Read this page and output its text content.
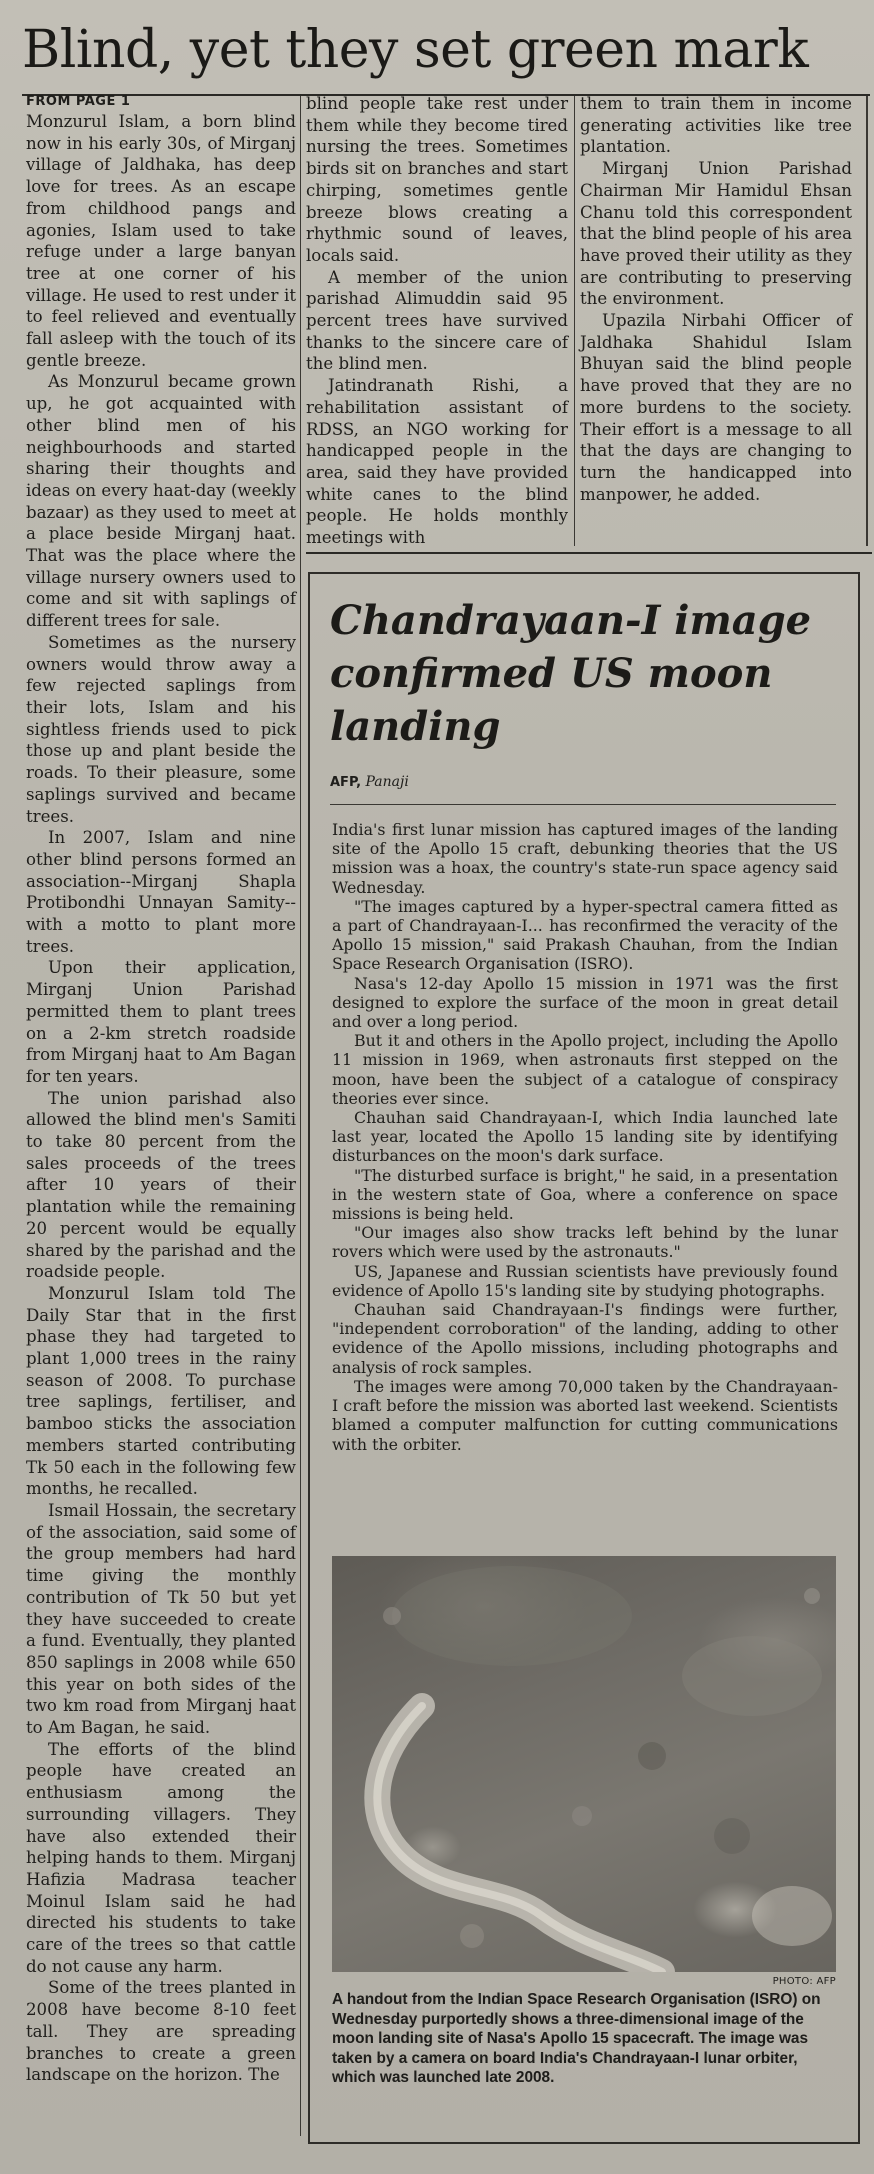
Blind, yet they set green mark
FROM PAGE 1

Monzurul Islam, a born blind now in his early 30s, of Mirganj village of Jaldhaka, has deep love for trees. As an escape from childhood pangs and agonies, Islam used to take refuge under a large banyan tree at one corner of his village. He used to rest under it to feel relieved and eventually fall asleep with the touch of its gentle breeze.

As Monzurul became grown up, he got acquainted with other blind men of his neighbourhoods and started sharing their thoughts and ideas on every haat-day (weekly bazaar) as they used to meet at a place beside Mirganj haat. That was the place where the village nursery owners used to come and sit with saplings of different trees for sale.

Sometimes as the nursery owners would throw away a few rejected saplings from their lots, Islam and his sightless friends used to pick those up and plant beside the roads. To their pleasure, some saplings survived and became trees.

In 2007, Islam and nine other blind persons formed an association--Mirganj Shapla Protibondhi Unnayan Samity--with a motto to plant more trees.

Upon their application, Mirganj Union Parishad permitted them to plant trees on a 2-km stretch roadside from Mirganj haat to Am Bagan for ten years.

The union parishad also allowed the blind men's Samiti to take 80 percent from the sales proceeds of the trees after 10 years of their plantation while the remaining 20 percent would be equally shared by the parishad and the roadside people.

Monzurul Islam told The Daily Star that in the first phase they had targeted to plant 1,000 trees in the rainy season of 2008. To purchase tree saplings, fertiliser, and bamboo sticks the association members started contributing Tk 50 each in the following few months, he recalled.

Ismail Hossain, the secretary of the association, said some of the group members had hard time giving the monthly contribution of Tk 50 but yet they have succeeded to create a fund. Eventually, they planted 850 saplings in 2008 while 650 this year on both sides of the two km road from Mirganj haat to Am Bagan, he said.

The efforts of the blind people have created an enthusiasm among the surrounding villagers. They have also extended their helping hands to them. Mirganj Hafizia Madrasa teacher Moinul Islam said he had directed his students to take care of the trees so that cattle do not cause any harm.

Some of the trees planted in 2008 have become 8-10 feet tall. They are spreading branches to create a green landscape on the horizon. The

blind people take rest under them while they become tired nursing the trees. Sometimes birds sit on branches and start chirping, sometimes gentle breeze blows creating a rhythmic sound of leaves, locals said.

A member of the union parishad Alimuddin said 95 percent trees have survived thanks to the sincere care of the blind men.

Jatindranath Rishi, a rehabilitation assistant of RDSS, an NGO working for handicapped people in the area, said they have provided white canes to the blind people. He holds monthly meetings with

them to train them in income generating activities like tree plantation.

Mirganj Union Parishad Chairman Mir Hamidul Ehsan Chanu told this correspondent that the blind people of his area have proved their utility as they are contributing to preserving the environment.

Upazila Nirbahi Officer of Jaldhaka Shahidul Islam Bhuyan said the blind people have proved that they are no more burdens to the society. Their effort is a message to all that the days are changing to turn the handicapped into manpower, he added.

Chandrayaan-I image confirmed US moon landing
AFP, Panaji

India's first lunar mission has captured images of the landing site of the Apollo 15 craft, debunking theories that the US mission was a hoax, the country's state-run space agency said Wednesday.

"The images captured by a hyper-spectral camera fitted as a part of Chandrayaan-I... has reconfirmed the veracity of the Apollo 15 mission," said Prakash Chauhan, from the Indian Space Research Organisation (ISRO).

Nasa's 12-day Apollo 15 mission in 1971 was the first designed to explore the surface of the moon in great detail and over a long period.

But it and others in the Apollo project, including the Apollo 11 mission in 1969, when astronauts first stepped on the moon, have been the subject of a catalogue of conspiracy theories ever since.

Chauhan said Chandrayaan-I, which India launched late last year, located the Apollo 15 landing site by identifying disturbances on the moon's dark surface.

"The disturbed surface is bright," he said, in a presentation in the western state of Goa, where a conference on space missions is being held.

"Our images also show tracks left behind by the lunar rovers which were used by the astronauts."

US, Japanese and Russian scientists have previously found evidence of Apollo 15's landing site by studying photographs.

Chauhan said Chandrayaan-I's findings were further, "independent corroboration" of the landing, adding to other evidence of the Apollo missions, including photographs and analysis of rock samples.

The images were among 70,000 taken by the Chandrayaan-I craft before the mission was aborted last weekend. Scientists blamed a computer malfunction for cutting communications with the orbiter.

PHOTO: AFP
A handout from the Indian Space Research Organisation (ISRO) on Wednesday purportedly shows a three-dimensional image of the moon landing site of Nasa's Apollo 15 spacecraft. The image was taken by a camera on board India's Chandrayaan-I lunar orbiter, which was launched late 2008.
